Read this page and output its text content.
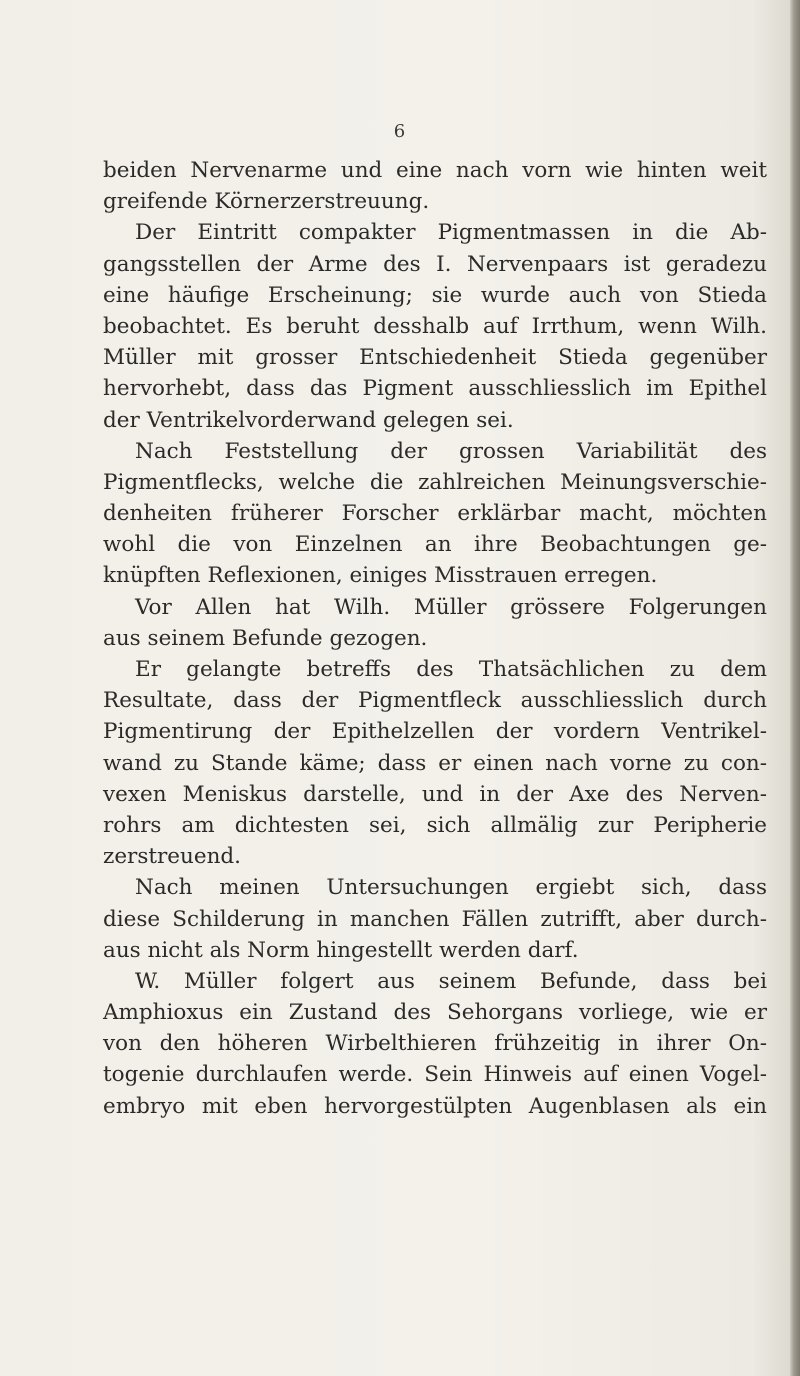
6
beiden Nervenarme und eine nach vorn wie hinten weit
greifende Körnerzerstreuung.
Der Eintritt compakter Pigmentmassen in die Ab-
gangsstellen der Arme des I. Nervenpaars ist geradezu
eine häufige Erscheinung; sie wurde auch von Stieda
beobachtet. Es beruht desshalb auf Irrthum, wenn Wilh.
Müller mit grosser Entschiedenheit Stieda gegenüber
hervorhebt, dass das Pigment ausschliesslich im Epithel
der Ventrikelvorderwand gelegen sei.
Nach Feststellung der grossen Variabilität des
Pigmentflecks, welche die zahlreichen Meinungsverschie-
denheiten früherer Forscher erklärbar macht, möchten
wohl die von Einzelnen an ihre Beobachtungen ge-
knüpften Reflexionen, einiges Misstrauen erregen.
Vor Allen hat Wilh. Müller grössere Folgerungen
aus seinem Befunde gezogen.
Er gelangte betreffs des Thatsächlichen zu dem
Resultate, dass der Pigmentfleck ausschliesslich durch
Pigmentirung der Epithelzellen der vordern Ventrikel-
wand zu Stande käme; dass er einen nach vorne zu con-
vexen Meniskus darstelle, und in der Axe des Nerven-
rohrs am dichtesten sei, sich allmälig zur Peripherie
zerstreuend.
Nach meinen Untersuchungen ergiebt sich, dass
diese Schilderung in manchen Fällen zutrifft, aber durch-
aus nicht als Norm hingestellt werden darf.
W. Müller folgert aus seinem Befunde, dass bei
Amphioxus ein Zustand des Sehorgans vorliege, wie er
von den höheren Wirbelthieren frühzeitig in ihrer On-
togenie durchlaufen werde. Sein Hinweis auf einen Vogel-
embryo mit eben hervorgestülpten Augenblasen als ein
